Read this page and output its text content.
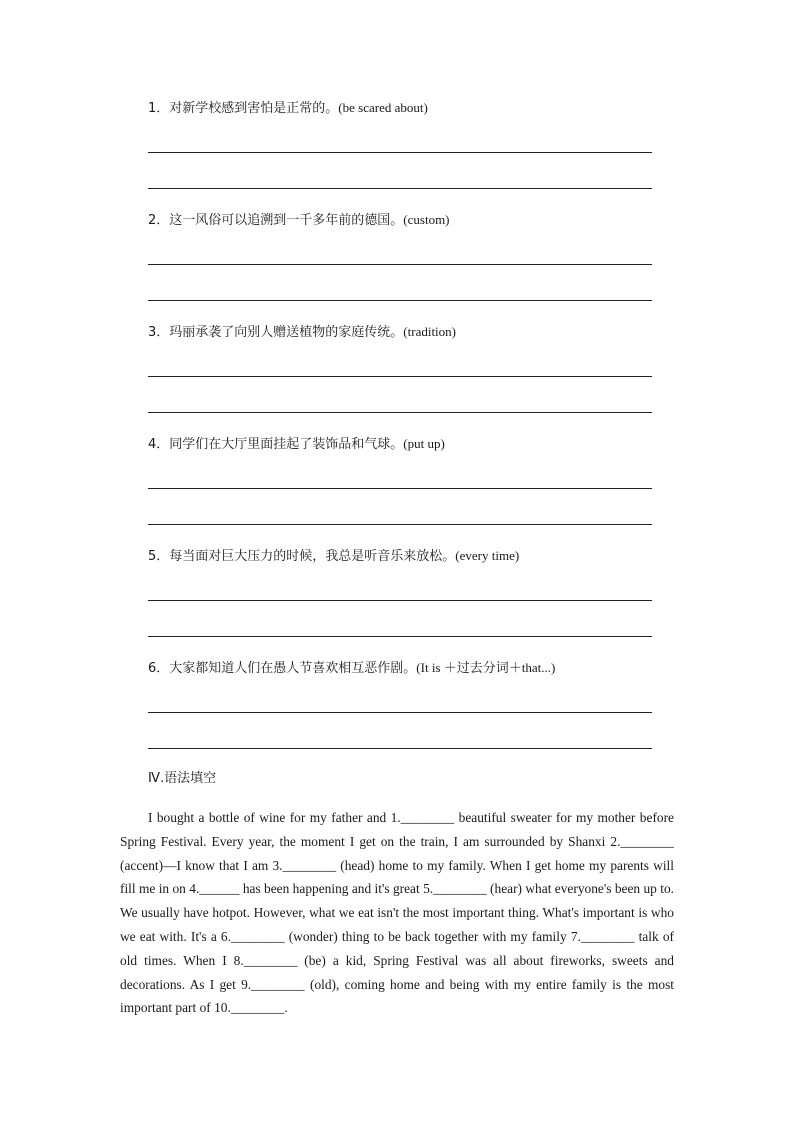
1．对新学校感到害怕是正常的。(be scared about)
2．这一风俗可以追溯到一千多年前的德国。(custom)
3．玛丽承袭了向别人赠送植物的家庭传统。(tradition)
4．同学们在大厅里面挂起了装饰品和气球。(put up)
5．每当面对巨大压力的时候，我总是听音乐来放松。(every time)
6．大家都知道人们在愚人节喜欢相互恶作剧。(It is ＋过去分词＋that...)
Ⅳ.语法填空

I bought a bottle of wine for my father and 1.________ beautiful sweater for my mother before Spring Festival. Every year, the moment I get on the train, I am surrounded by Shanxi 2.________ (accent)—I know that I am 3.________ (head) home to my family. When I get home my parents will fill me in on 4.______ has been happening and it's great 5.________ (hear) what everyone's been up to. We usually have hotpot. However, what we eat isn't the most important thing. What's important is who we eat with. It's a 6.________ (wonder) thing to be back together with my family 7.________ talk of old times. When I 8.________ (be) a kid, Spring Festival was all about fireworks, sweets and decorations. As I get 9.________ (old), coming home and being with my entire family is the most important part of 10.________.
